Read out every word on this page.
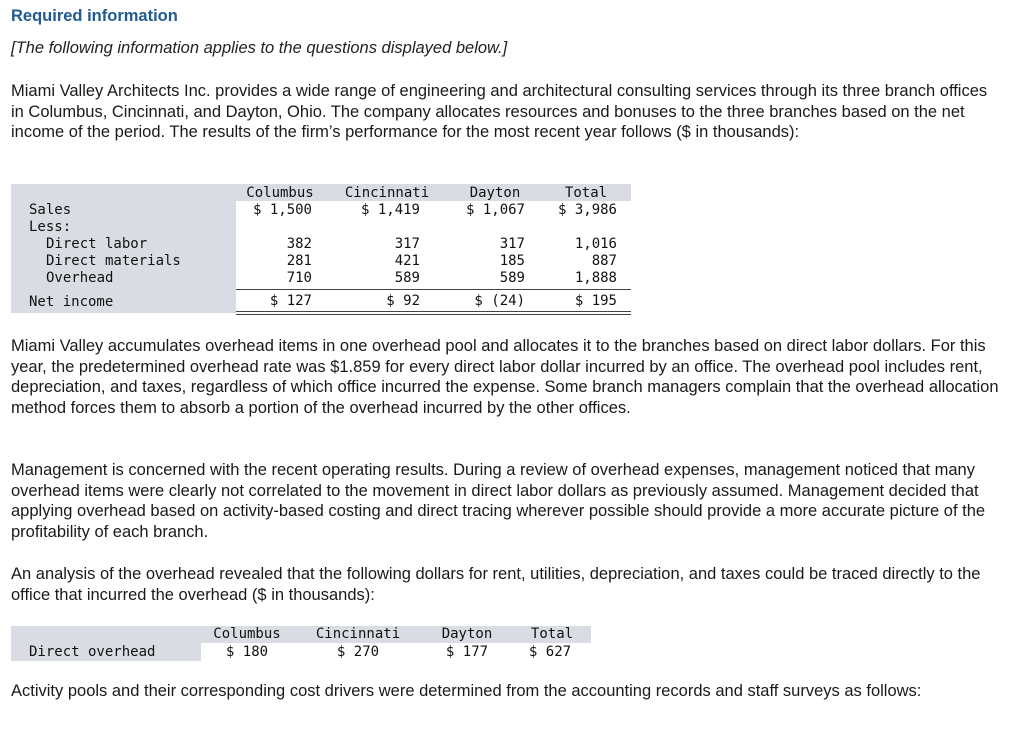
Required information
[The following information applies to the questions displayed below.]
Miami Valley Architects Inc. provides a wide range of engineering and architectural consulting services through its three branch offices in Columbus, Cincinnati, and Dayton, Ohio. The company allocates resources and bonuses to the three branches based on the net income of the period. The results of the firm’s performance for the most recent year follows ($ in thousands):
Columbus	Cincinnati	Dayton	Total
Sales	$ 1,500	$ 1,419	$ 1,067	$ 3,986
Less:
Direct labor	382	317	317	1,016
Direct materials	281	421	185	887
Overhead	710	589	589	1,888
Net income	$ 127	$ 92	$ (24)	$ 195
Miami Valley accumulates overhead items in one overhead pool and allocates it to the branches based on direct labor dollars. For this year, the predetermined overhead rate was $1.859 for every direct labor dollar incurred by an office. The overhead pool includes rent, depreciation, and taxes, regardless of which office incurred the expense. Some branch managers complain that the overhead allocation method forces them to absorb a portion of the overhead incurred by the other offices.
Management is concerned with the recent operating results. During a review of overhead expenses, management noticed that many overhead items were clearly not correlated to the movement in direct labor dollars as previously assumed. Management decided that applying overhead based on activity-based costing and direct tracing wherever possible should provide a more accurate picture of the profitability of each branch.
An analysis of the overhead revealed that the following dollars for rent, utilities, depreciation, and taxes could be traced directly to the office that incurred the overhead ($ in thousands):
Columbus	Cincinnati	Dayton	Total
Direct overhead	$ 180	$ 270	$ 177	$ 627
Activity pools and their corresponding cost drivers were determined from the accounting records and staff surveys as follows:
